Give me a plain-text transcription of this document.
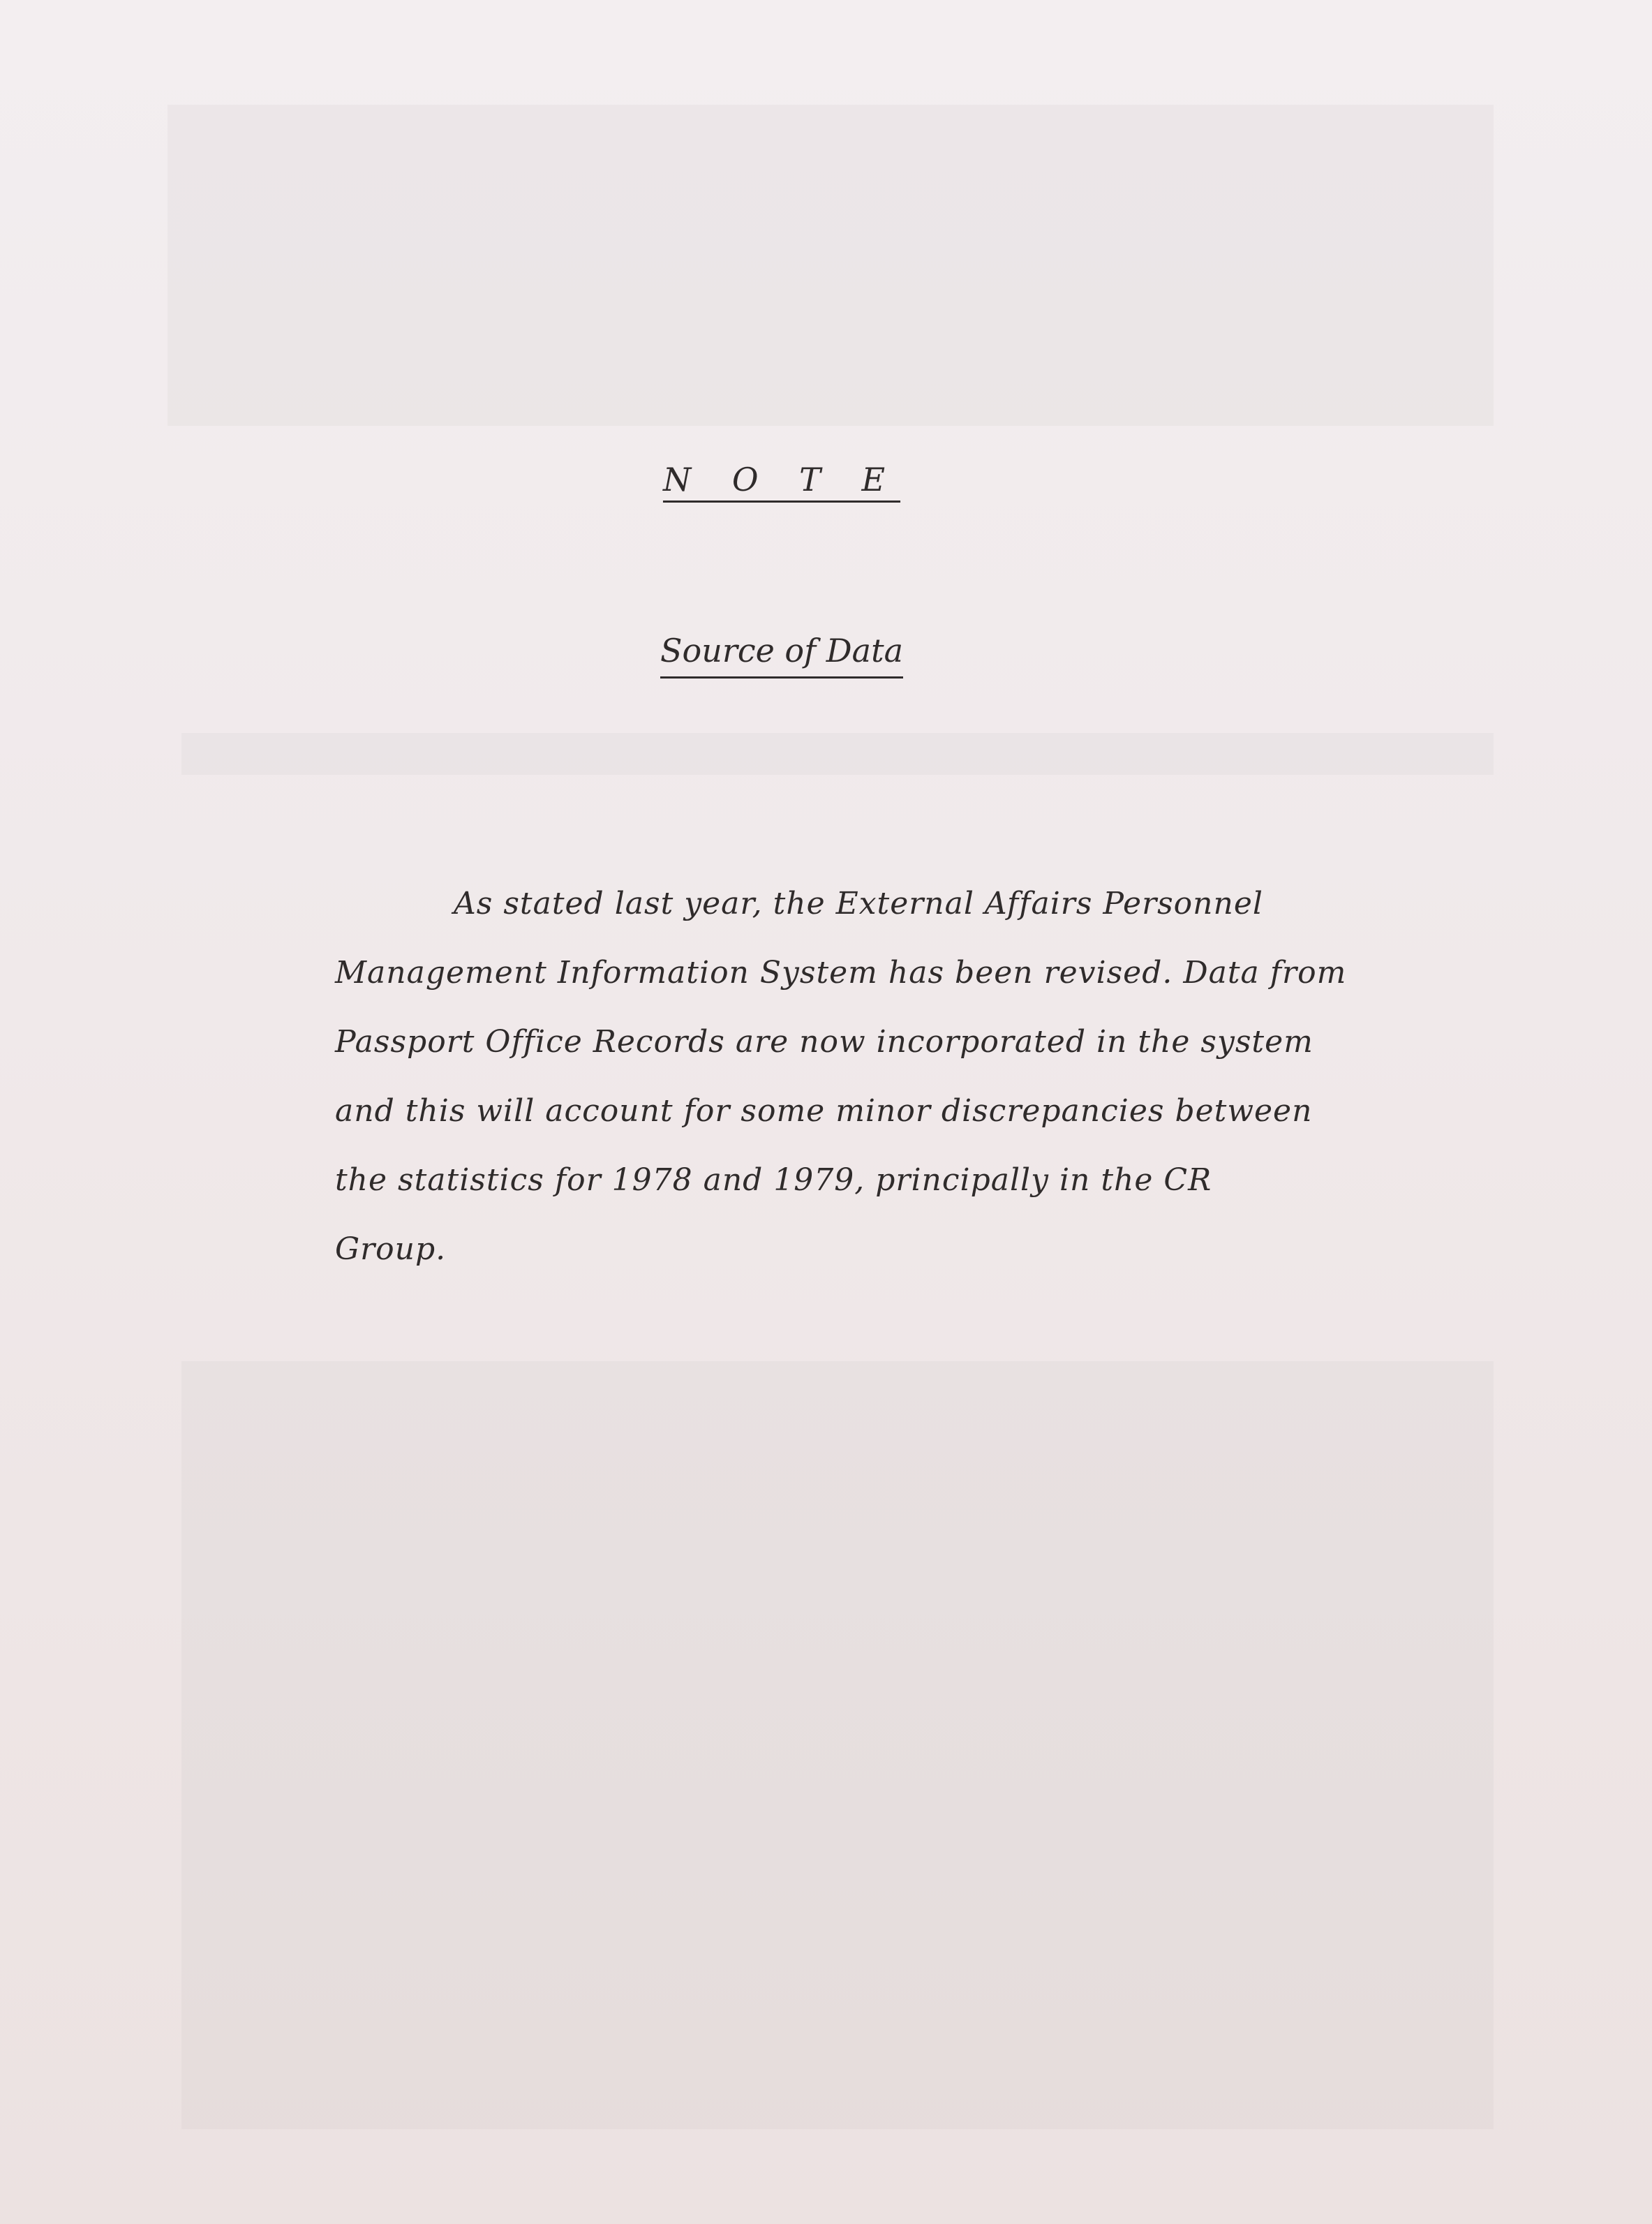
N O T E
Source of Data
As stated last year, the External Affairs Personnel
Management Information System has been revised. Data from
Passport Office Records are now incorporated in the system
and this will account for some minor discrepancies between
the statistics for 1978 and 1979, principally in the CR
Group.
